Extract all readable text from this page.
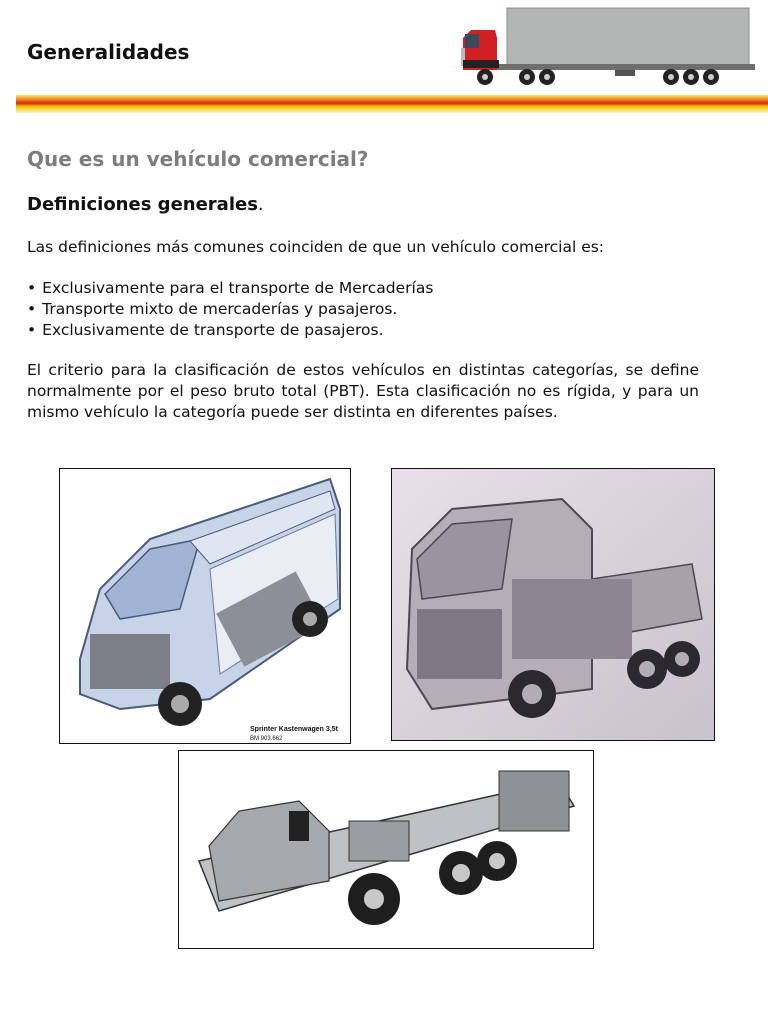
Generalidades
Que es un vehículo comercial?

Definiciones generales.

Las definiciones más comunes coinciden de que un vehículo comercial es:

• Exclusivamente para el transporte de Mercaderías
• Transporte mixto de mercaderías y pasajeros.
• Exclusivamente de transporte de pasajeros.

El criterio para la clasificación de estos vehículos en distintas categorías, se define normalmente por el peso bruto total (PBT). Esta clasificación no es rígida, y para un mismo vehículo la categoría puede ser distinta en diferentes países.

Sprinter Kastenwagen 3,5t
BM 903.662
